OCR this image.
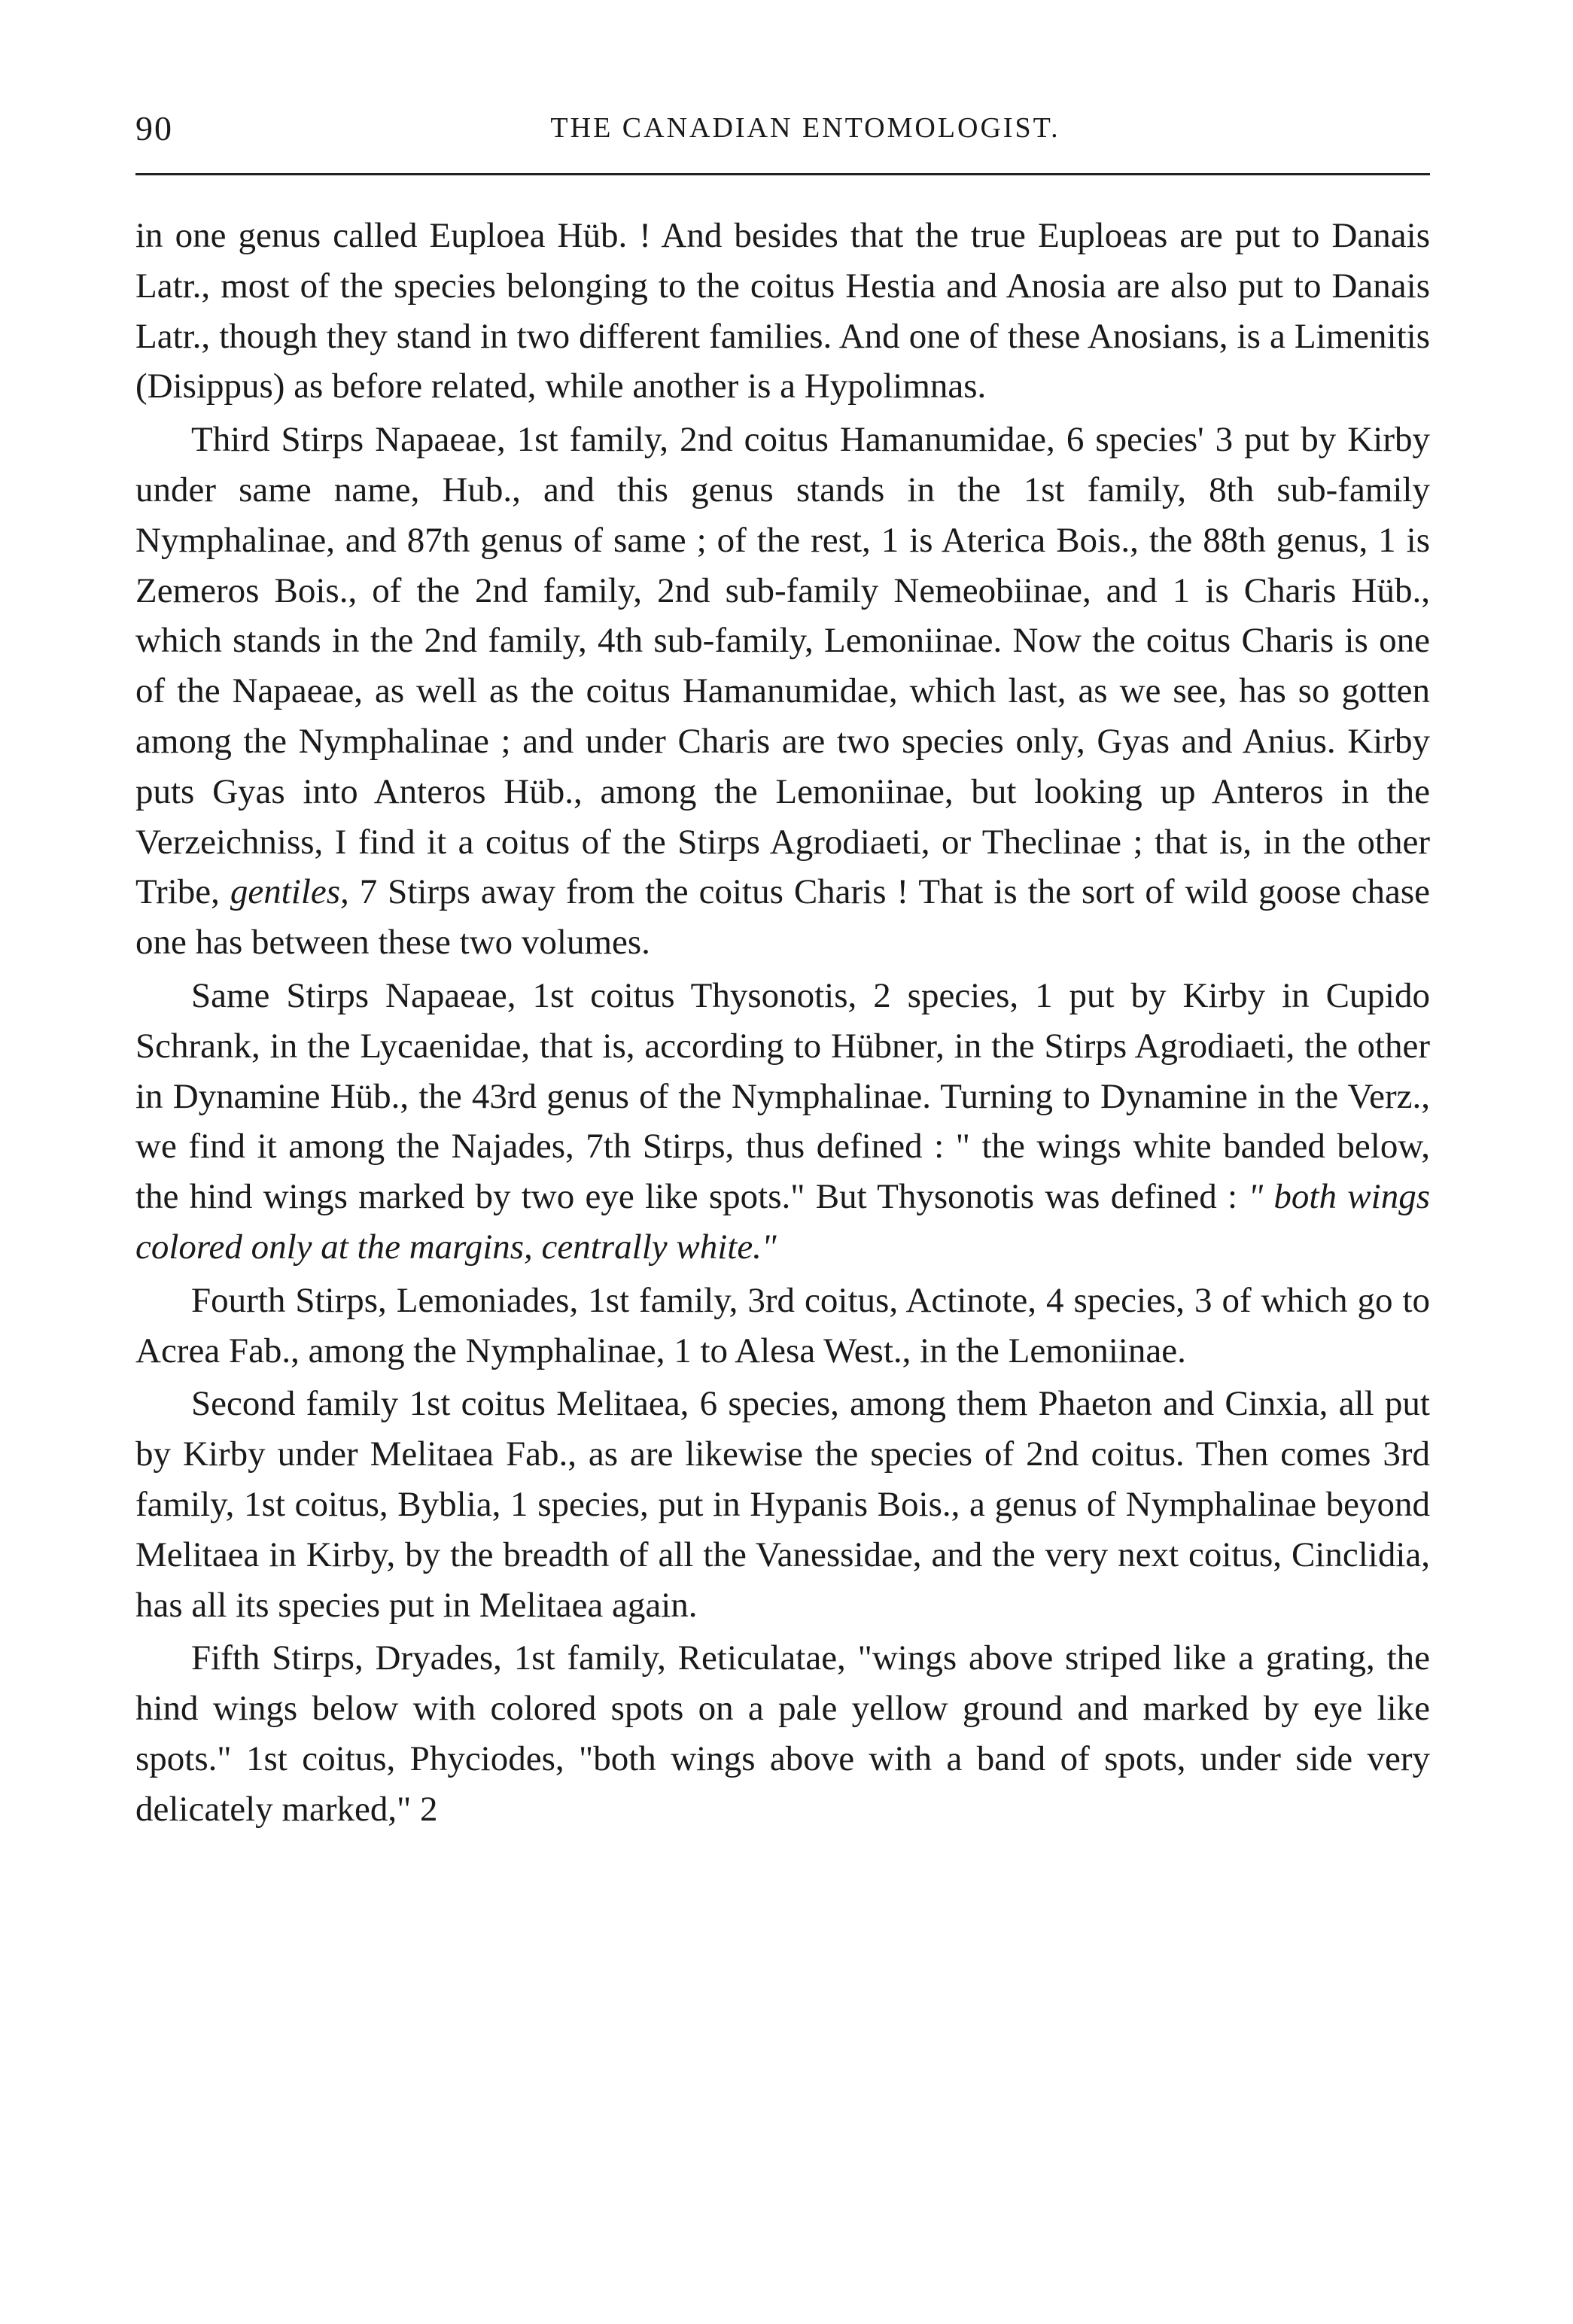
90	THE CANADIAN ENTOMOLOGIST.

in one genus called Euploea Hüb. ! And besides that the true Euploeas are put to Danais Latr., most of the species belonging to the coitus Hestia and Anosia are also put to Danais Latr., though they stand in two different families. And one of these Anosians, is a Limenitis (Disippus) as before related, while another is a Hypolimnas.

Third Stirps Napaeae, 1st family, 2nd coitus Hamanumidae, 6 species' 3 put by Kirby under same name, Hub., and this genus stands in the 1st family, 8th sub-family Nymphalinae, and 87th genus of same ; of the rest, 1 is Aterica Bois., the 88th genus, 1 is Zemeros Bois., of the 2nd family, 2nd sub-family Nemeobiinae, and 1 is Charis Hüb., which stands in the 2nd family, 4th sub-family, Lemoniinae. Now the coitus Charis is one of the Napaeae, as well as the coitus Hamanumidae, which last, as we see, has so gotten among the Nymphalinae ; and under Charis are two species only, Gyas and Anius. Kirby puts Gyas into Anteros Hüb., among the Lemoniinae, but looking up Anteros in the Verzeichniss, I find it a coitus of the Stirps Agrodiaeti, or Theclinae ; that is, in the other Tribe, gentiles, 7 Stirps away from the coitus Charis ! That is the sort of wild goose chase one has between these two volumes.

Same Stirps Napaeae, 1st coitus Thysonotis, 2 species, 1 put by Kirby in Cupido Schrank, in the Lycaenidae, that is, according to Hübner, in the Stirps Agrodiaeti, the other in Dynamine Hüb., the 43rd genus of the Nymphalinae. Turning to Dynamine in the Verz., we find it among the Najades, 7th Stirps, thus defined : " the wings white banded below, the hind wings marked by two eye like spots." But Thysonotis was defined : " both wings colored only at the margins, centrally white."

Fourth Stirps, Lemoniades, 1st family, 3rd coitus, Actinote, 4 species, 3 of which go to Acrea Fab., among the Nymphalinae, 1 to Alesa West., in the Lemoniinae.

Second family 1st coitus Melitaea, 6 species, among them Phaeton and Cinxia, all put by Kirby under Melitaea Fab., as are likewise the species of 2nd coitus. Then comes 3rd family, 1st coitus, Byblia, 1 species, put in Hypanis Bois., a genus of Nymphalinae beyond Melitaea in Kirby, by the breadth of all the Vanessidae, and the very next coitus, Cinclidia, has all its species put in Melitaea again.

Fifth Stirps, Dryades, 1st family, Reticulatae, "wings above striped like a grating, the hind wings below with colored spots on a pale yellow ground and marked by eye like spots." 1st coitus, Phyciodes, "both wings above with a band of spots, under side very delicately marked," 2
